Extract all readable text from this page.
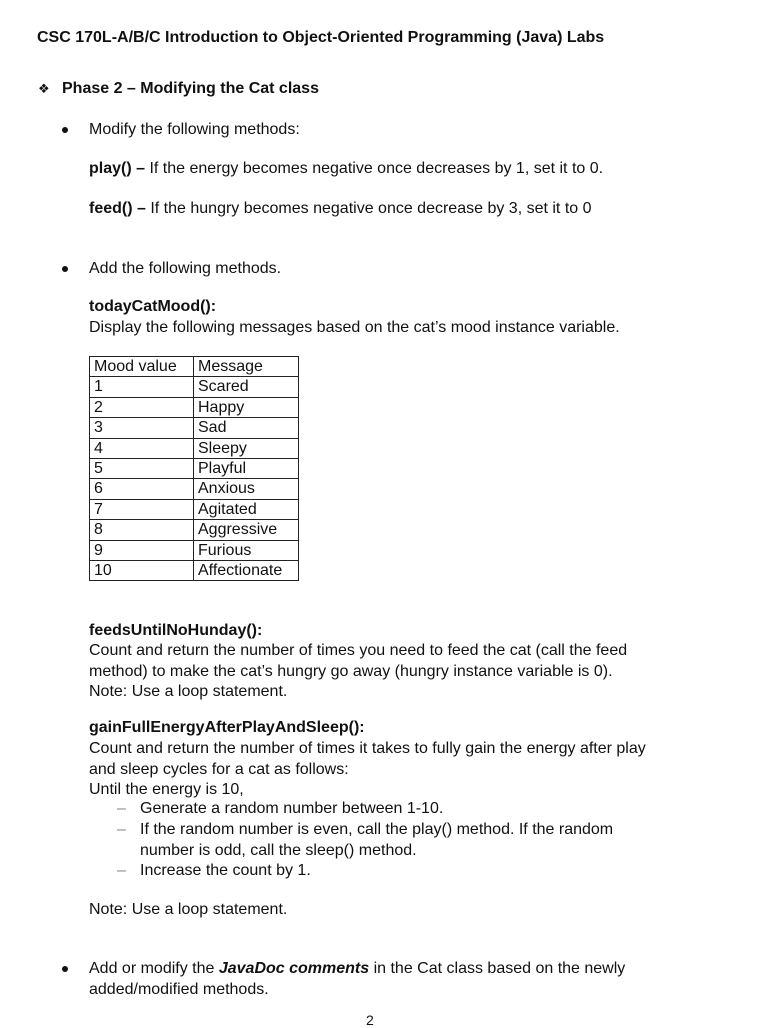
CSC 170L-A/B/C Introduction to Object-Oriented Programming (Java) Labs
❖ Phase 2 – Modifying the Cat class
Modify the following methods:
play() – If the energy becomes negative once decreases by 1, set it to 0.
feed() – If the hungry becomes negative once decrease by 3, set it to 0
Add the following methods.
todayCatMood():
Display the following messages based on the cat’s mood instance variable.
Mood value	Message
1	Scared
2	Happy
3	Sad
4	Sleepy
5	Playful
6	Anxious
7	Agitated
8	Aggressive
9	Furious
10	Affectionate
feedsUntilNoHunday():
Count and return the number of times you need to feed the cat (call the feed
method) to make the cat’s hungry go away (hungry instance variable is 0).
Note: Use a loop statement.
gainFullEnergyAfterPlayAndSleep():
Count and return the number of times it takes to fully gain the energy after play
and sleep cycles for a cat as follows:
Until the energy is 10,
– Generate a random number between 1-10.
– If the random number is even, call the play() method. If the random
number is odd, call the sleep() method.
– Increase the count by 1.
Note: Use a loop statement.
Add or modify the JavaDoc comments in the Cat class based on the newly
added/modified methods.
2
